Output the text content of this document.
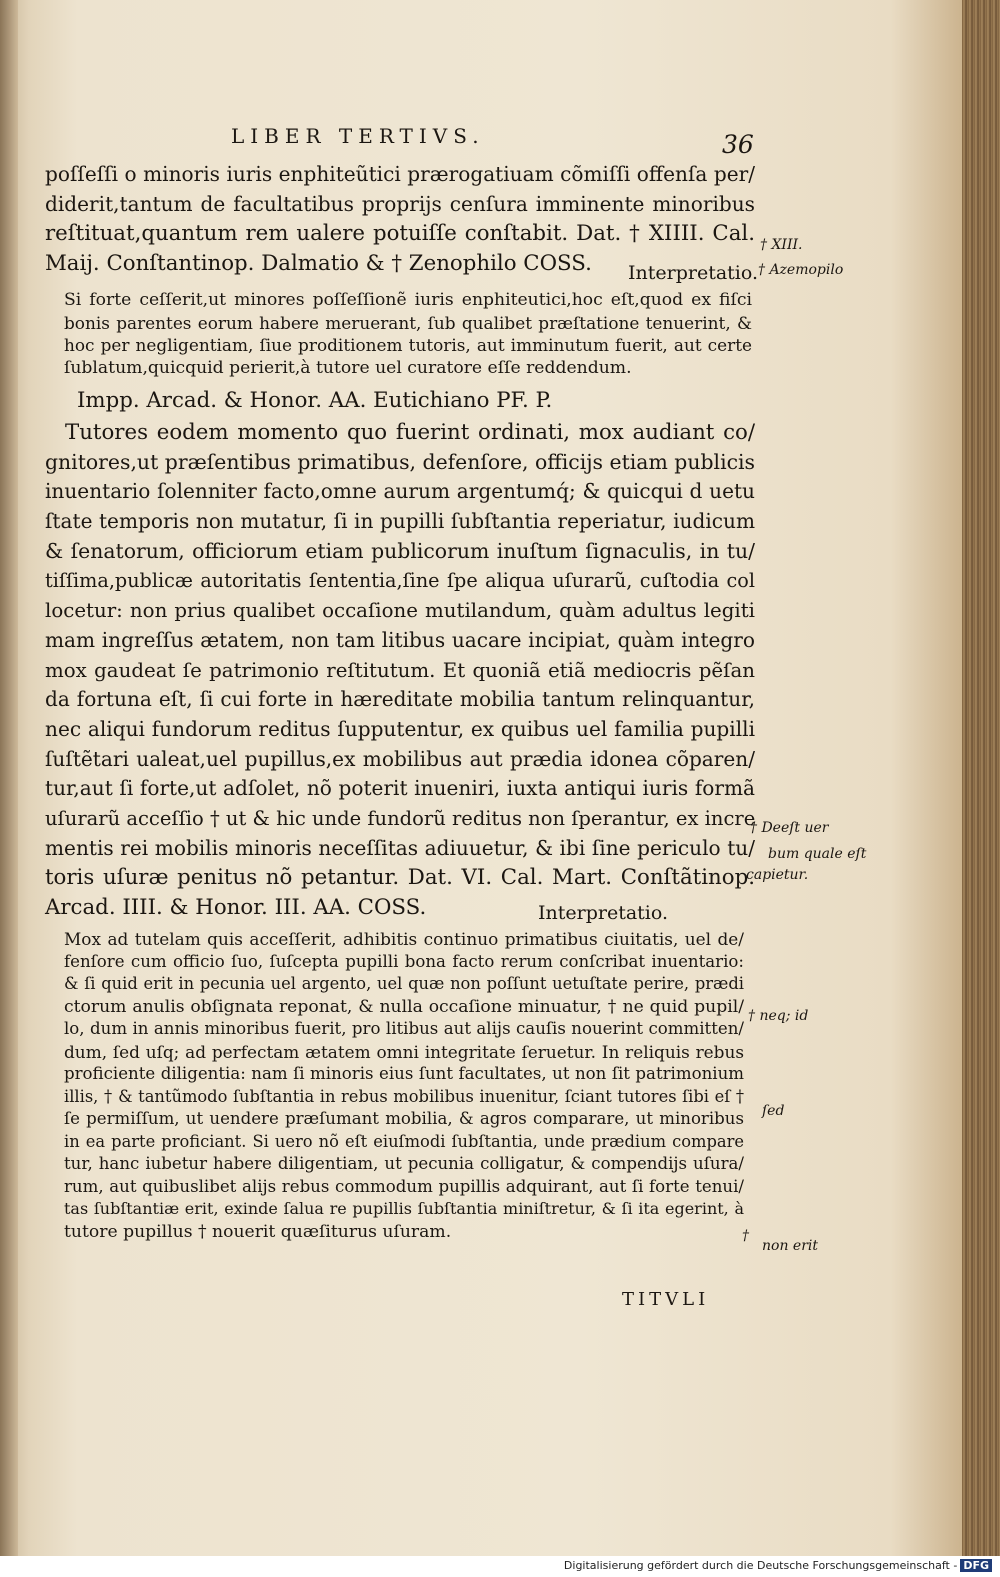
LIBER TERTIVS.	36
poſſeſſi o minoris iuris enphiteũtici prærogatiuam cõmiſſi offenſa per/
diderit,tantum de facultatibus proprijs cenſura imminente minoribus
reſtituat,quantum rem ualere potuiſſe conſtabit. Dat. † XIIII. Cal.
Maij. Conſtantinop. Dalmatio & † Zenophilo COSS.	Interpretatio.
Si forte ceſſerit,ut minores poſſeſſionẽ iuris enphiteutici,hoc eſt,quod ex fiſci
bonis parentes eorum habere meruerant, ſub qualibet præſtatione tenuerint, &
hoc per negligentiam, ſiue proditionem tutoris, aut imminutum fuerit, aut certe
ſublatum,quicquid perierit,à tutore uel curatore eſſe reddendum.
Impp. Arcad. & Honor. AA. Eutichiano PF. P.
Tutores eodem momento quo fuerint ordinati, mox audiant co/
gnitores,ut præſentibus primatibus, defenſore, officijs etiam publicis
inuentario ſolenniter facto,omne aurum argentumq́; & quicqui d uetu
ſtate temporis non mutatur, ſi in pupilli ſubſtantia reperiatur, iudicum
& ſenatorum, officiorum etiam publicorum inuſtum ſignaculis, in tu/
tiſſima,publicæ autoritatis ſententia,ſine ſpe aliqua uſurarũ, cuſtodia col
locetur: non prius qualibet occaſione mutilandum, quàm adultus legiti
mam ingreſſus ætatem, non tam litibus uacare incipiat, quàm integro
mox gaudeat ſe patrimonio reſtitutum. Et quoniã etiã mediocris pẽſan
da fortuna eſt, ſi cui forte in hæreditate mobilia tantum relinquantur,
nec aliqui fundorum reditus ſupputentur, ex quibus uel familia pupilli
ſuſtẽtari ualeat,uel pupillus,ex mobilibus aut prædia idonea cõparen/
tur,aut ſi forte,ut adſolet, nõ poterit inueniri, iuxta antiqui iuris formã
uſurarũ acceſſio † ut & hic unde fundorũ reditus non ſperantur, ex incre
mentis rei mobilis minoris neceſſitas adiuuetur, & ibi ſine periculo tu/
toris uſuræ penitus nõ petantur. Dat. VI. Cal. Mart. Conſtãtinop.
Arcad. IIII. & Honor. III. AA. COSS.	Interpretatio.
Mox ad tutelam quis acceſſerit, adhibitis continuo primatibus ciuitatis, uel de/
fenſore cum officio ſuo, ſuſcepta pupilli bona facto rerum conſcribat inuentario:
& ſi quid erit in pecunia uel argento, uel quæ non poſſunt uetuſtate perire, prædi
ctorum anulis obſignata reponat, & nulla occaſione minuatur, † ne quid pupil/
lo, dum in annis minoribus fuerit, pro litibus aut alijs cauſis nouerint committen/
dum, ſed uſq; ad perfectam ætatem omni integritate ſeruetur. In reliquis rebus
proficiente diligentia: nam ſi minoris eius ſunt facultates, ut non ſit patrimonium
illis, † & tantũmodo ſubſtantia in rebus mobilibus inuenitur, ſciant tutores ſibi eſ †
ſe permiſſum, ut uendere præſumant mobilia, & agros comparare, ut minoribus
in ea parte proficiant. Si uero nõ eſt eiuſmodi ſubſtantia, unde prædium compare
tur, hanc iubetur habere diligentiam, ut pecunia colligatur, & compendijs uſura/
rum, aut quibuslibet alijs rebus commodum pupillis adquirant, aut ſi forte tenui/
tas ſubſtantiæ erit, exinde ſalua re pupillis ſubſtantia miniſtretur, & ſi ita egerint, à
tutore pupillus † nouerit quæſiturus uſuram.
† XIII.
† Azemopilo
† Deeſt uer
bum quale eſt
capietur.
† neq; id
ſed
†
non erit
TITVLI
Digitalisierung gefördert durch die Deutsche Forschungsgemeinschaft - DFG
